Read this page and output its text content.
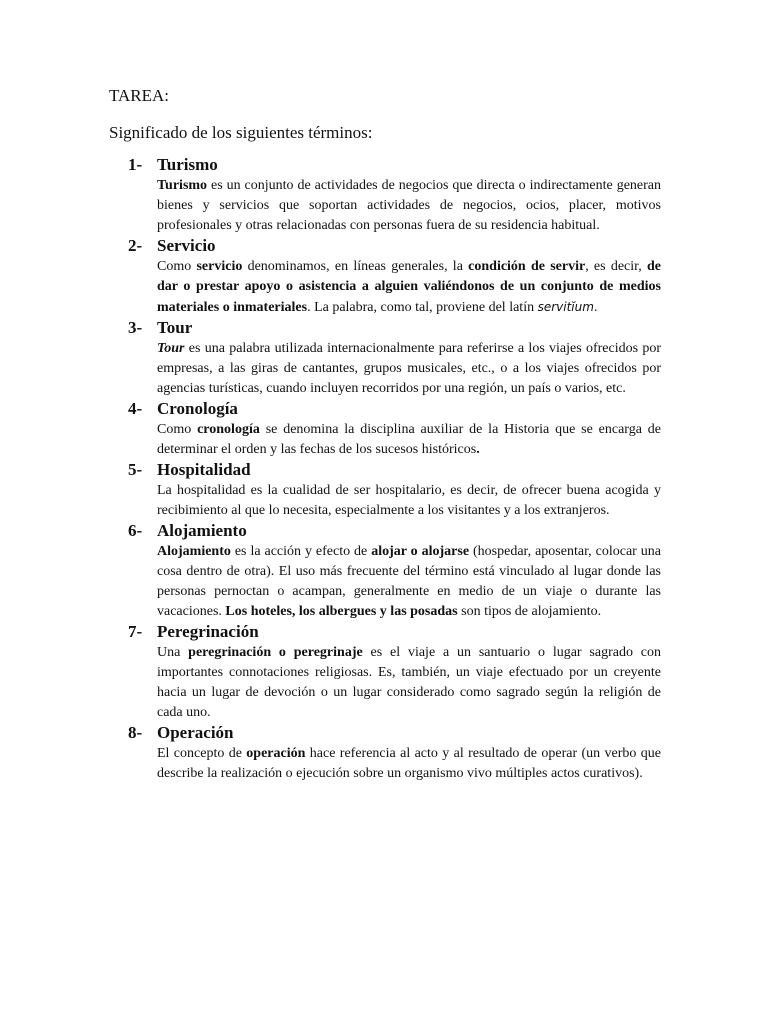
TAREA:
Significado de los siguientes términos:
1- Turismo

Turismo es un conjunto de actividades de negocios que directa o indirectamente generan bienes y servicios que soportan actividades de negocios, ocios, placer, motivos profesionales y otras relacionadas con personas fuera de su residencia habitual.

2- Servicio

Como servicio denominamos, en líneas generales, la condición de servir, es decir, de dar o prestar apoyo o asistencia a alguien valiéndonos de un conjunto de medios materiales o inmateriales. La palabra, como tal, proviene del latín servitĭum.

3- Tour

Tour es una palabra utilizada internacionalmente para referirse a los viajes ofrecidos por empresas, a las giras de cantantes, grupos musicales, etc., o a los viajes ofrecidos por agencias turísticas, cuando incluyen recorridos por una región, un país o varios, etc.

4- Cronología

Como cronología se denomina la disciplina auxiliar de la Historia que se encarga de determinar el orden y las fechas de los sucesos históricos.

5- Hospitalidad

La hospitalidad es la cualidad de ser hospitalario, es decir, de ofrecer buena acogida y recibimiento al que lo necesita, especialmente a los visitantes y a los extranjeros.

6- Alojamiento

Alojamiento es la acción y efecto de alojar o alojarse (hospedar, aposentar, colocar una cosa dentro de otra). El uso más frecuente del término está vinculado al lugar donde las personas pernoctan o acampan, generalmente en medio de un viaje o durante las vacaciones. Los hoteles, los albergues y las posadas son tipos de alojamiento.

7- Peregrinación

Una peregrinación o peregrinaje es el viaje a un santuario o lugar sagrado con importantes connotaciones religiosas. Es, también, un viaje efectuado por un creyente hacia un lugar de devoción o un lugar considerado como sagrado según la religión de cada uno.

8- Operación

El concepto de operación hace referencia al acto y al resultado de operar (un verbo que describe la realización o ejecución sobre un organismo vivo múltiples actos curativos).
